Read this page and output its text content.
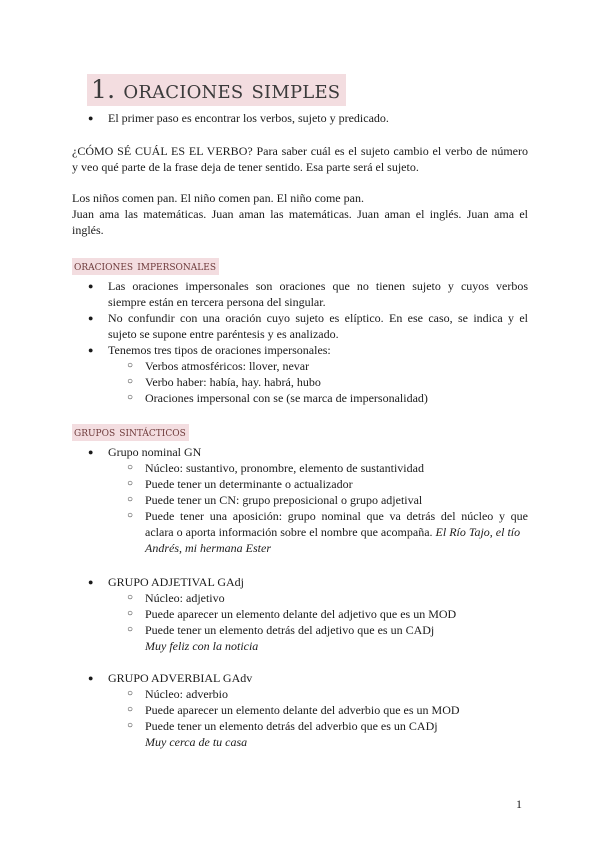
1. oraciones simples
● El primer paso es encontrar los verbos, sujeto y predicado.
¿CÓMO SÉ CUÁL ES EL VERBO? Para saber cuál es el sujeto cambio el verbo de número
y veo qué parte de la frase deja de tener sentido. Esa parte será el sujeto.
Los niños comen pan. El niño comen pan. El niño come pan.
Juan ama las matemáticas. Juan aman las matemáticas. Juan aman el inglés. Juan ama el
inglés.
oraciones impersonales
● Las oraciones impersonales son oraciones que no tienen sujeto y cuyos verbos
siempre están en tercera persona del singular.
● No confundir con una oración cuyo sujeto es elíptico. En ese caso, se indica y el
sujeto se supone entre paréntesis y es analizado.
● Tenemos tres tipos de oraciones impersonales:
○ Verbos atmosféricos: llover, nevar
○ Verbo haber: había, hay. habrá, hubo
○ Oraciones impersonal con se (se marca de impersonalidad)
grupos sintácticos
● Grupo nominal GN
○ Núcleo: sustantivo, pronombre, elemento de sustantividad
○ Puede tener un determinante o actualizador
○ Puede tener un CN: grupo preposicional o grupo adjetival
○ Puede tener una aposición: grupo nominal que va detrás del núcleo y que
aclara o aporta información sobre el nombre que acompaña. El Río Tajo, el tío
Andrés, mi hermana Ester
● GRUPO ADJETIVAL GAdj
○ Núcleo: adjetivo
○ Puede aparecer un elemento delante del adjetivo que es un MOD
○ Puede tener un elemento detrás del adjetivo que es un CADj
Muy feliz con la noticia
● GRUPO ADVERBIAL GAdv
○ Núcleo: adverbio
○ Puede aparecer un elemento delante del adverbio que es un MOD
○ Puede tener un elemento detrás del adverbio que es un CADj
Muy cerca de tu casa
1
